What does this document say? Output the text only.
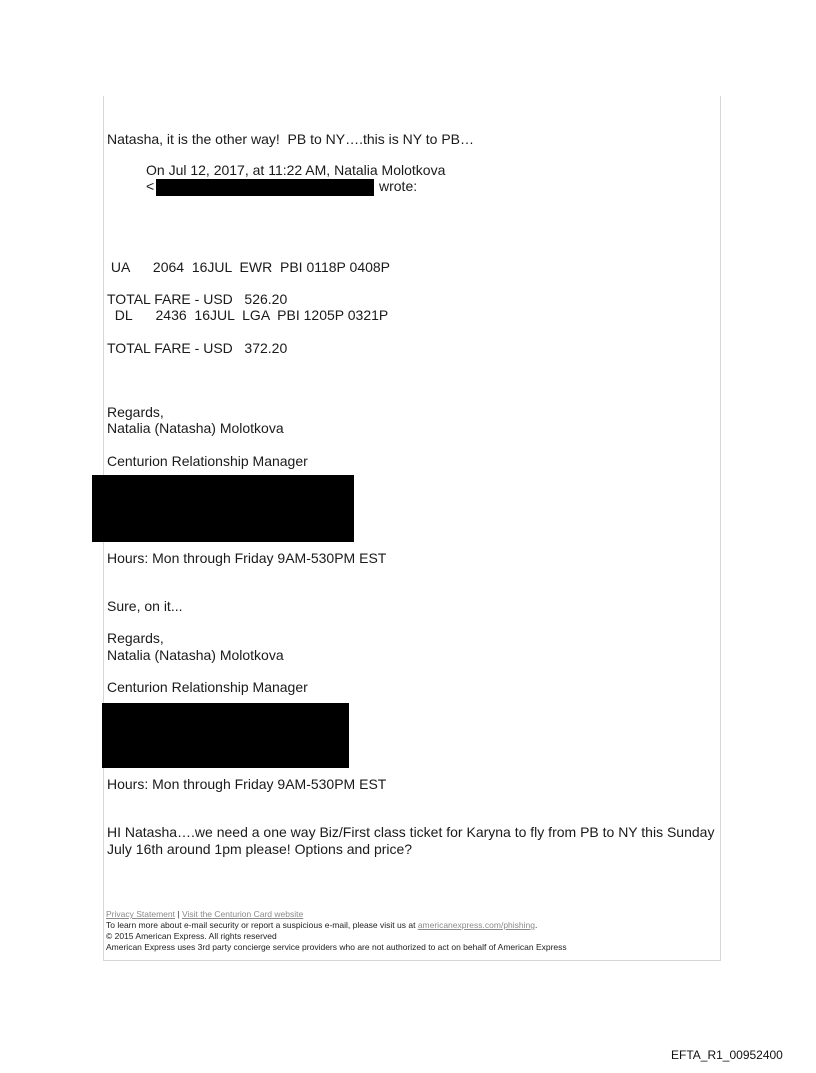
Natasha, it is the other way!  PB to NY….this is NY to PB…
On Jul 12, 2017, at 11:22 AM, Natalia Molotkova
<	wrote:
UA      2064  16JUL  EWR  PBI 0118P 0408P
TOTAL FARE - USD   526.20
DL      2436  16JUL  LGA  PBI 1205P 0321P
TOTAL FARE - USD   372.20
Regards,
Natalia (Natasha) Molotkova
Centurion Relationship Manager
Hours: Mon through Friday 9AM-530PM EST
Sure, on it...
Regards,
Natalia (Natasha) Molotkova
Centurion Relationship Manager
Hours: Mon through Friday 9AM-530PM EST
HI Natasha….we need a one way Biz/First class ticket for Karyna to fly from PB to NY this Sunday
July 16th around 1pm please! Options and price?
Privacy Statement | Visit the Centurion Card website
To learn more about e-mail security or report a suspicious e-mail, please visit us at americanexpress.com/phishing.
© 2015 American Express. All rights reserved
American Express uses 3rd party concierge service providers who are not authorized to act on behalf of American Express
EFTA_R1_00952400
